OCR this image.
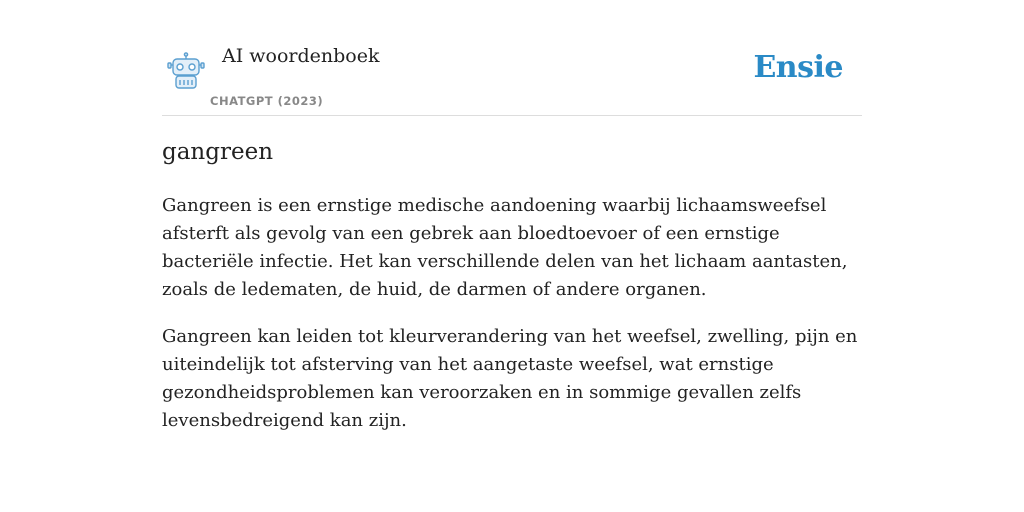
AI woordenboek
CHATGPT (2023)
Ensie
gangreen

Gangreen is een ernstige medische aandoening waarbij lichaamsweefsel afsterft als gevolg van een gebrek aan bloedtoevoer of een ernstige bacteriële infectie. Het kan verschillende delen van het lichaam aantasten, zoals de ledematen, de huid, de darmen of andere organen.

Gangreen kan leiden tot kleurverandering van het weefsel, zwelling, pijn en uiteindelijk tot afsterving van het aangetaste weefsel, wat ernstige gezondheidsproblemen kan veroorzaken en in sommige gevallen zelfs levensbedreigend kan zijn.
